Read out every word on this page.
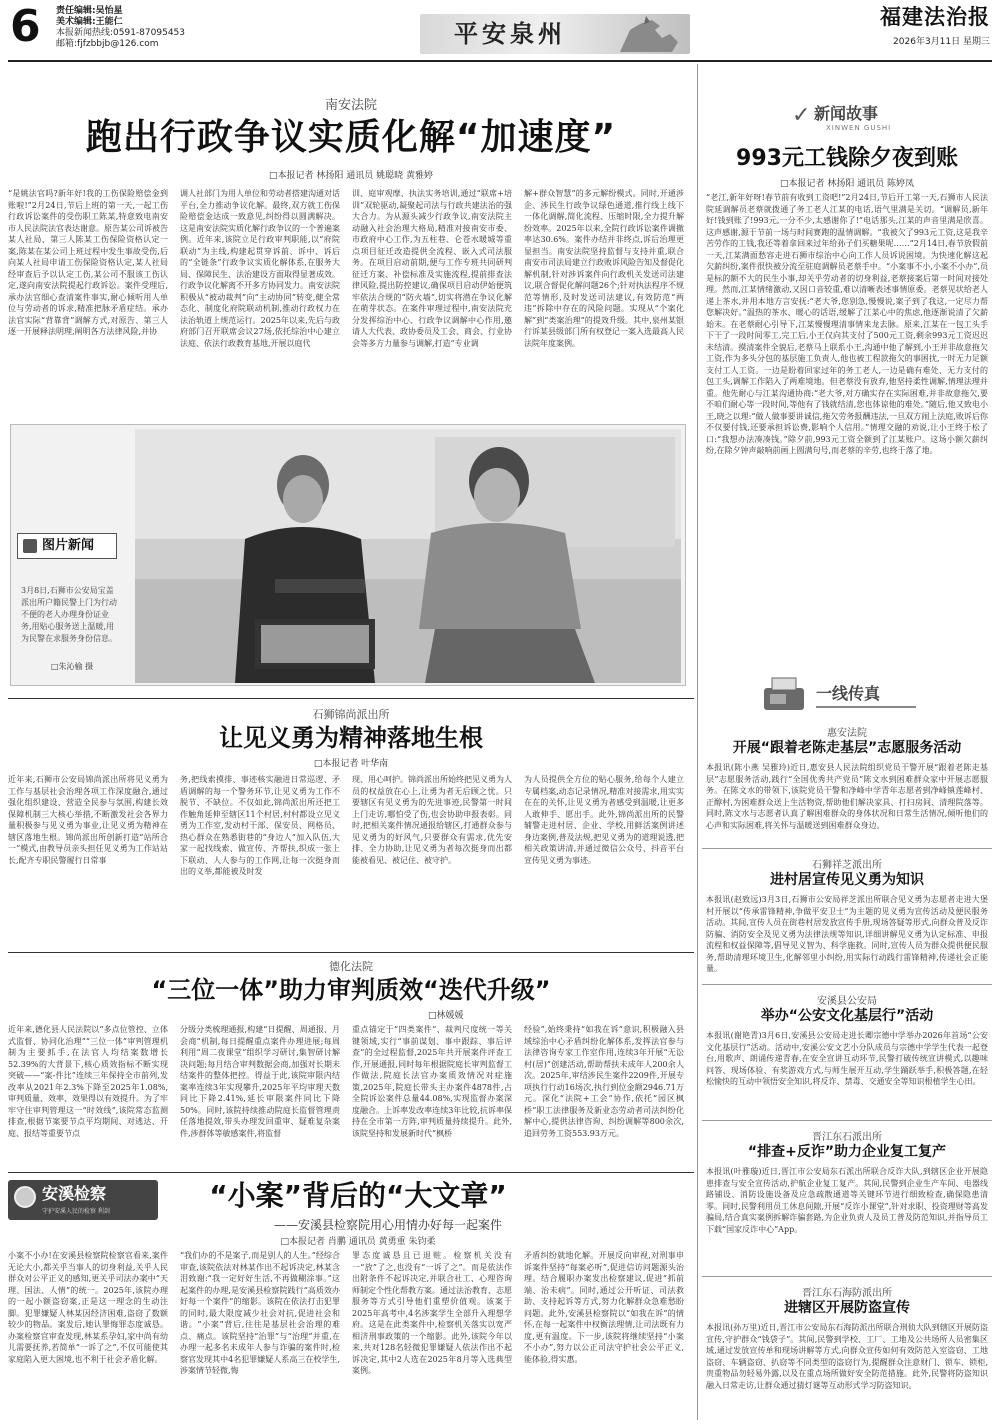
6 责任编辑:吴怡星
美术编辑:王能仁
本报新闻热线:0591-87095453
邮箱:fjfzbbjb@126.com	平安泉州
福建法治报
2026年3月11日 星期三
南安法院
跑出行政争议实质化解“加速度”
□本报记者 林扬阳 通讯员 姚聪晓 黄雅婷
“是姚法官吗?新年好!我的工伤保险赔偿金到账啦!”2月24日,节后上班的第一天,一起工伤行政诉讼案件的受伤职工陈某,特意致电南安市人民法院法官表达谢意。原告某公司诉被告某人社局、第三人陈某工伤保险资格认定一案,陈某在某公司上班过程中发生事故受伤,后向某人社局申请工伤保险资格认定,某人社局经审查后予以认定工伤,某公司不服该工伤认定,遂向南安法院提起行政诉讼。案件受理后,承办法官细心查清案件事实,耐心倾听用人单位与劳动者的诉求,精准把脉矛盾症结。承办法官实际“背靠背”调解方式,对原告、第三人逐一开展释法明理,阐明各方法律风险,并协
调人社部门为用人单位和劳动者搭建沟通对话平台,全力推动争议化解。最终,双方就工伤保险赔偿金达成一致意见,纠纷得以圆满解决。这是南安法院实质化解行政争议的一个普遍案例。近年来,该院立足行政审判职能,以“府院联动”为主线,构建起贯穿诉前、诉中、诉后的“全链条”行政争议实质化解体系,在服务大局、保障民生、法治建设方面取得显著成效。行政争议化解离不开多方协同发力。南安法院积极从“被动裁判”向“主动协同”转变,健全常态化、制度化府院联动机制,推动行政权力在法治轨道上规范运行。2025年以来,先后与政府部门召开联席会议27场,依托综治中心建立法庭、依法行政教育基地,开展以庭代
训、庭审观摩、执法实务培训,通过“联席+培训”双轮驱动,凝聚起司法与行政共建法治的强大合力。为从源头减少行政争议,南安法院主动融入社会治理大格局,精准对接南安市委、市政府中心工作,为五柱巷、仑苍水暖城等重点项目征迁改造提供全流程、嵌入式司法服务。在项目启动前期,便与工作专班共同研判征迁方案、补偿标准及实施流程,提前排查法律风险,提出防控建议,确保项目启动伊始便筑牢依法合规的“防火墙”,切实将潜在争议化解在萌芽状态。在案件审理过程中,南安法院充分发挥综治中心、行政争议调解中心作用,邀请人大代表、政协委员及工会、商会、行业协会等多方力量参与调解,打造“专业调
解+群众智慧”的多元解纷模式。同时,开通涉企、涉民生行政争议绿色通道,推行线上线下一体化调解,简化流程、压缩时限,全力提升解纷效率。2025年以来,全院行政诉讼案件调撤率达30.6%。案件办结并非终点,诉后治理更显担当。南安法院坚持监督与支持并重,联合南安市司法局建立行政败诉风险告知及督促化解机制,针对涉诉案件向行政机关发送司法建议,联合督促化解问题26个;针对执法程序不规范等情形,及时发送司法建议,有效防范“两违”拆除中存在的风险问题。实现从“个案化解”到“类案治理”的提效升级。其中,泉州某银行诉某县级部门所有权登记一案入选最高人民法院年度案例。
图片新闻
3月8日,石狮市公安局宝盖派出所户籍民警上门为行动不便的老人办理身份证业务,用贴心服务送上温暖,用为民警在求服务身份信息。
□朱沁榆 摄
石狮锦尚派出所
让见义勇为精神落地生根
□本报记者 叶华南
近年来,石狮市公安局锦尚派出所将见义勇为工作与基层社会治理各项工作深度融合,通过强化组织建设、营造全民参与氛围,构建长效保障机制三大核心举措,不断激发社会各界力量积极参与见义勇为事业,让见义勇为精神在辖区落地生根。锦尚派出所创新打造“站所合一”模式,由教导员亲头担任见义勇为工作站站长,配齐专职民警履行日常事
务,把线索摸排、事迹核实融进日常巡逻、矛盾调解的每一个警务环节,让见义勇为工作不脱节、不缺位。不仅如此,锦尚派出所还把工作触角延伸至辖区11个村居,村村都设立见义勇为工作室,发动村干部、保安员、网格员、热心群众在熟悉街巷的“身边人”加入队伍,大家一起找线索、做宣传、齐帮扶,织成一张上下联动、人人参与的工作网,让每一次挺身而出的义举,都能被及时发
现、用心呵护。锦尚派出所始终把见义勇为人员的权益放在心上,让勇为者无后顾之忧。只要辖区有见义勇为的先进事迹,民警第一时间上门走访,哪怕受了伤,也会协助申报表彰。同时,把相关案件情况通报给辖区,打通群众参与见义勇为的好风气,只要群众有需求,优先安排、全力协助,让见义勇为者每次挺身而出都能被看见、被记住、被守护。
为人员提供全方位的贴心服务,给每个人建立专属档案,动态记录情况,精准对接需求,用实实在在的关怀,让见义勇为者感受到温暖,让更多人敢伸手、愿出手。此外,锦尚派出所的民警辅警走进村居、企业、学校,用鲜活案例讲述身边案例,普及法规,把见义勇为的道理说透,把相关政策讲清,并通过微信公众号、抖音平台宣传见义勇为事迹。
德化法院
“三位一体”助力审判质效“迭代升级”
□林媛媛
近年来,德化县人民法院以“多点位管控、立体式监督、协同化治理”“三位一体”审判管理机制为主要抓手,在法官人均结案数增长52.39%的大背景下,核心质效指标不断实现突破——“案-件比”连续三年保持全市前列,发改率从2021年2.3%下降至2025年1.08%,审判质量、效率、效果得以有效提升。为了牢牢守住审判管理这一“时效线”,该院常态监测排查,根据节案要节点平均期间、对逃达、开庭、报结等重要节点
分级分类梳理通报,构建“日提醒、周通报、月会商”机制,每日提醒重点案件办理进展;每周利用“周二夜课堂”组织学习研讨,集智研讨解决问题;每月结合审判数据会商,加强对长期未结案件的整体把控。得益于此,该院审限内结案率连续3年实现攀升,2025年平均审理天数同比下降2.41%,延长审限案件同比下降50%。同时,该院持续推动院庭长监督管理责任落地提效,带头办理发回重审、疑难复杂案件,涉群体等敏感案件,将监督
重点锚定于“四类案件”、裁判尺度统一等关键领域,实行“事前谋划、事中跟踪、事后评查”的全过程监督,2025年共开展案件评查工作,开展通报,同时每年根据院庭长审判监督工作做法,院庭长法官办案质效情况对症施策,2025年,院庭长带头主办案件4878件,占全院诉讼案件总量44.08%,实现监督办案深度融合。上诉率发改率连续3年比较,抗诉率保持在全市第一方阵,审判质量持续提升。此外,该院坚持和发展新时代“枫桥
经验”,始终秉持“如我在诉”意识,积极融入县域综治中心矛盾纠纷化解体系,发挥法官参与法律咨询专家工作室作用,连续3年开展“无讼村(居)”创建活动,帮助帮扶未成年人200余人次。2025年,审结涉民生案件2209件,开展专项执行行动16场次,执行到位金额2946.71万元。深化“法院+工会”协作,依托“园区枫桥”职工法律服务及新业态劳动者司法纠纷化解中心,提供法律咨询、纠纷调解等800余次,追回劳务工资553.93万元。
安溪检察
守护安溪人民的检察 利剑	“小案”背后的“大文章”
——安溪县检察院用心用情办好每一起案件
□本报记者 肖鹏 通讯员 黄勇重 朱钧柔
小案不小办!在安溪县检察院检察官看来,案件无论大小,都关乎当事人的切身利益,关乎人民群众对公平正义的感知,更关乎司法办案中“天理、国法、人情”的统一。2025年,该院办理的一起小额盗窃案,正是这一理念的生动注脚。犯罪嫌疑人林某因经济困难,盗窃了数额较少的物品。案发后,她认罪悔罪态度诚恳。办案检察官审查发现,林某系孕妇,家中尚有幼儿需要抚养,若简单“一诉了之”,不仅可能使其家庭陷入更大困境,也不利于社会矛盾化解。
“我们办的不是案子,而是别人的人生。”经综合审查,该院依法对林某作出不起诉决定,林某含泪致谢:“我一定好好生活,不再做糊涂事。”这起案件的办理,是安溪县检察院践行“高质效办好每一个案件”的缩影。该院在依法打击犯罪的同时,最大限度减少社会对抗,促进社会和谐。“小案”背后,往往是基层社会治理的难点、痛点。该院坚持“治罪”与“治理”并重,在办理一起多名未成年人参与诈骗的案件时,检察官发现其中4名犯罪嫌疑人系高三在校学生,涉案情节轻微,悔
罪态度诚恳且已退赃。检察机关没有一“放”了之,也没有“一诉了之”。而是依法作出附条件不起诉决定,并联合社工、心理咨询师制定个性化帮教方案。通过法治教育、志愿服务等方式引导他们重塑价值观。该案于2025年高考中,4名涉案学生全部升入理想学府。这是在此类案件中,检察机关落实以宽严相济刑事政策的一个缩影。此外,该院今年以来,共对128名轻微犯罪嫌疑人依法作出不起诉决定,其中2人选在2025年8月等入选典型案例。
矛盾纠纷就地化解。开展反向审视,对刑事申诉案件坚持“每案必听”,促进信访问题源头治理。结合履职办案发出检察建议,促进“抓前端、治未病”。同时,通过公开听证、司法救助、支持起诉等方式,努力化解群众急难愁盼问题。此外,安溪县检察院以“如我在诉”的情怀,在每一起案件中权衡法理情,让司法既有力度,更有温度。下一步,该院将继续坚持“小案不小办”,努力以公正司法守护社会公平正义,能体验,得实惠。
✓ 新闻故事
XINWEN GUSHI
993元工钱除夕夜到账
□本报记者 林扬阳 通讯员 陈婷凤
“老江,新年好呀!春节前有收到工资吧!”2月24日,节后开工第一天,石狮市人民法院延调解员老蔡就拨通了务工老人江某的电话,语气里满是关切。“调解员,新年好!钱到账了!993元,一分不少,太感谢你了!”电话那头,江某的声音里满是欣喜。这声感谢,源于节前一场与时间赛跑的温情调解。“我被欠了993元工资,这是我辛苦劳作的工钱,我还等着拿回来过年给孙子们买糖果呢……”2月14日,春节放假前一天,江某满面愁容走进石狮市综治中心向工作人员诉说困境。为快速化解这起欠薪纠纷,案件很快被分流至驻庭调解员老蔡手中。“小案事不小,小案不小办”,员是标的额不大的民生小事,却关乎劳动者的切身利益,老蔡接案后第一时间对接处理。然而,江某情绪激动,又因口音较重,难以清晰表述事情原委。老蔡见状给老人递上茶水,并用本地方言安抚:“老大爷,您别急,慢慢说,案子到了我这,一定尽力帮您解决好。”温热的茶水、暖心的话语,缓解了江某心中的焦虑,他逐渐说清了欠薪始末。在老蔡耐心引导下,江某慢慢理清事情来龙去脉。原来,江某在一包工头手下干了一段时间零工,完工后,小王仅向其支付了500元工资,剩余993元工资迟迟未结清。摸清案件全貌后,老蔡马上联系小王,沟通中他了解到,小王并非故意拖欠工资,作为多头分包的基层施工负责人,他也被工程款拖欠的事困扰,一时无力足额支付工人工资。一边是盼着回家过年的务工老人,一边是确有难处、无力支付的包工头,调解工作陷入了两难境地。但老蔡没有放弃,他坚持柔性调解,情理法理并重。他先耐心与江某沟通协商:“老大爷,对方确实存在实际困难,并非故意拖欠,要不咱们耐心等一段时间,等他有了钱就结清,您也体谅他的难处。”随后,他又致电小王,晓之以理:“做人做事要讲诚信,拖欠劳务报酬违法,一旦双方闹上法庭,败诉后你不仅要付钱,还要承担诉讼费,影响个人信用。”情理交融的劝说,让小王终于松了口:“我想办法凑凑钱。”除夕前,993元工资全额到了江某账户。这场小额欠薪纠纷,在除夕钟声敲响前画上圆满句号,而老蔡的辛劳,也终于落了地。
一线传真
惠安法院
开展“跟着老陈走基层”志愿服务活动
本报讯(陈小燕 吴雅玲)近日,惠安县人民法院组织党员干警开展“跟着老陈走基层”志愿服务活动,践行“全国优秀共产党员”陈文水到困难群众家中开展志愿服务。在陈文水的带领下,该院党员干警和净峰中学青年志愿者到净峰镇莲峰村、正醇村,为困难群众送上生活物资,帮助他们解决家具、打扫房间、清理院落等。同时,陈文水与志愿者认真了解困难群众的身体状况和日常生活情况,倾听他们的心声和实际困难,将关怀与温暖送到困难群众身边。
石狮祥芝派出所
进村居宣传见义勇为知识
本报讯(赵致远)3月3日,石狮市公安局祥芝派出所联合见义勇为志愿者走进大堡村开展以“传承雷锋精神,争做平安卫士”为主题的见义勇为宣传活动及便民服务活动。其间,宣传人员在街巷村居发放宣传手册,现场答疑等形式,向群众普及反诈防骗、消防安全及见义勇为法律法规等知识,详细讲解见义勇为认定标准、申报流程和权益保障等,倡导见义智为、科学施救。同时,宣传人员为群众提供便民服务,帮助清理环境卫生,化解邻里小纠纷,用实际行动践行雷锋精神,传递社会正能量。
安溪县公安局
举办“公安文化基层行”活动
本报讯(谢艳青)3月6日,安溪县公安局走进长卿宗德中学举办2026年首场“公安文化基层行”活动。活动中,安溪公安文艺小分队成员与宗德中学学生代表一起登台,用歌声、朗诵传递青春,在安全宣讲互动环节,民警打破传统宣讲模式,以趣味问答、现场体验、有奖游戏方式,与师生展开互动,学生踊跃举手,积极答题,在轻松愉快的互动中领悟安全知识,将反诈、禁毒、交通安全等知识根植学生心田。
晋江东石派出所
“排查+反诈”助力企业复工复产
本报讯(叶雅璇)近日,晋江市公安局东石派出所联合反诈大队,到辖区企业开展隐患排查与安全宣传活动,护航企业复工复产。其间,民警到企业生产车间、电器线路铺设、消防设施设备及应急疏散通道等关键环节进行细致检查,确保隐患清零。同时,民警利用员工休息间隙,开展“反诈小课堂”,针对求职、投资理财等高发骗局,结合真实案例拆解诈骗套路,为企业负责人及员工普及防范知识,并指导员工下载“国家反诈中心”App。
晋江东石海防派出所
进辖区开展防盗宣传
本报讯(孙万里)近日,晋江市公安局东石海防派出所联合刑侦大队到辖区开展防盗宣传,守护群众“钱袋子”。其间,民警到学校、工厂、工地及公共场所人员密集区域,通过发放宣传单和现场讲解等方式,向群众宣传如何有效防范入室盗窃、工地盗窃、车辆盗窃、扒窃等不同类型的盗窃行为,提醒群众注意财门、锁车、锁柜,贵重物品勿轻易外露,以及在重点场所做好安全防范措施。此外,民警将防盗知识融入日常走访,让群众通过猜灯谜等互动形式学习防盗知识。
